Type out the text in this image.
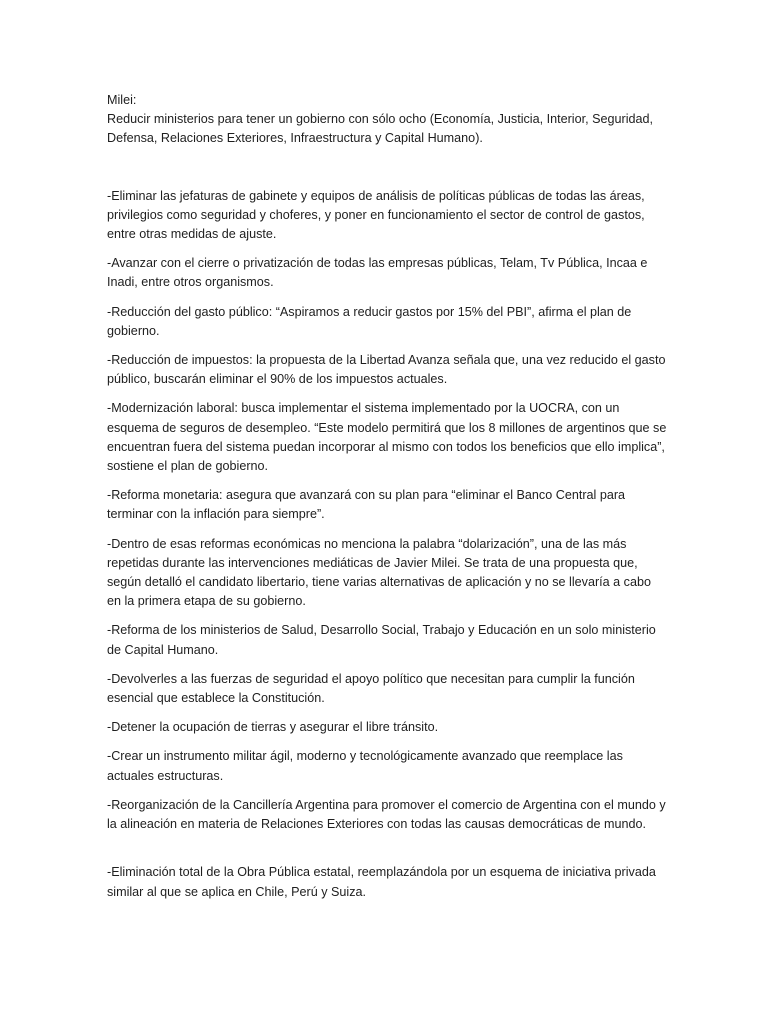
Milei:
Reducir ministerios para tener un gobierno con sólo ocho (Economía, Justicia, Interior, Seguridad, Defensa, Relaciones Exteriores, Infraestructura y Capital Humano).

-Eliminar las jefaturas de gabinete y equipos de análisis de políticas públicas de todas las áreas, privilegios como seguridad y choferes, y poner en funcionamiento el sector de control de gastos, entre otras medidas de ajuste.

-Avanzar con el cierre o privatización de todas las empresas públicas, Telam, Tv Pública, Incaa e Inadi, entre otros organismos.

-Reducción del gasto público: “Aspiramos a reducir gastos por 15% del PBI”, afirma el plan de gobierno.

-Reducción de impuestos: la propuesta de la Libertad Avanza señala que, una vez reducido el gasto público, buscarán eliminar el 90% de los impuestos actuales.

-Modernización laboral: busca implementar el sistema implementado por la UOCRA, con un esquema de seguros de desempleo. “Este modelo permitirá que los 8 millones de argentinos que se encuentran fuera del sistema puedan incorporar al mismo con todos los beneficios que ello implica”, sostiene el plan de gobierno.

-Reforma monetaria: asegura que avanzará con su plan para “eliminar el Banco Central para terminar con la inflación para siempre”.

-Dentro de esas reformas económicas no menciona la palabra “dolarización”, una de las más repetidas durante las intervenciones mediáticas de Javier Milei. Se trata de una propuesta que, según detalló el candidato libertario, tiene varias alternativas de aplicación y no se llevaría a cabo en la primera etapa de su gobierno.

-Reforma de los ministerios de Salud, Desarrollo Social, Trabajo y Educación en un solo ministerio de Capital Humano.

-Devolverles a las fuerzas de seguridad el apoyo político que necesitan para cumplir la función esencial que establece la Constitución.

-Detener la ocupación de tierras y asegurar el libre tránsito.

-Crear un instrumento militar ágil, moderno y tecnológicamente avanzado que reemplace las actuales estructuras.

-Reorganización de la Cancillería Argentina para promover el comercio de Argentina con el mundo y la alineación en materia de Relaciones Exteriores con todas las causas democráticas de mundo.

-Eliminación total de la Obra Pública estatal, reemplazándola por un esquema de iniciativa privada similar al que se aplica en Chile, Perú y Suiza.
